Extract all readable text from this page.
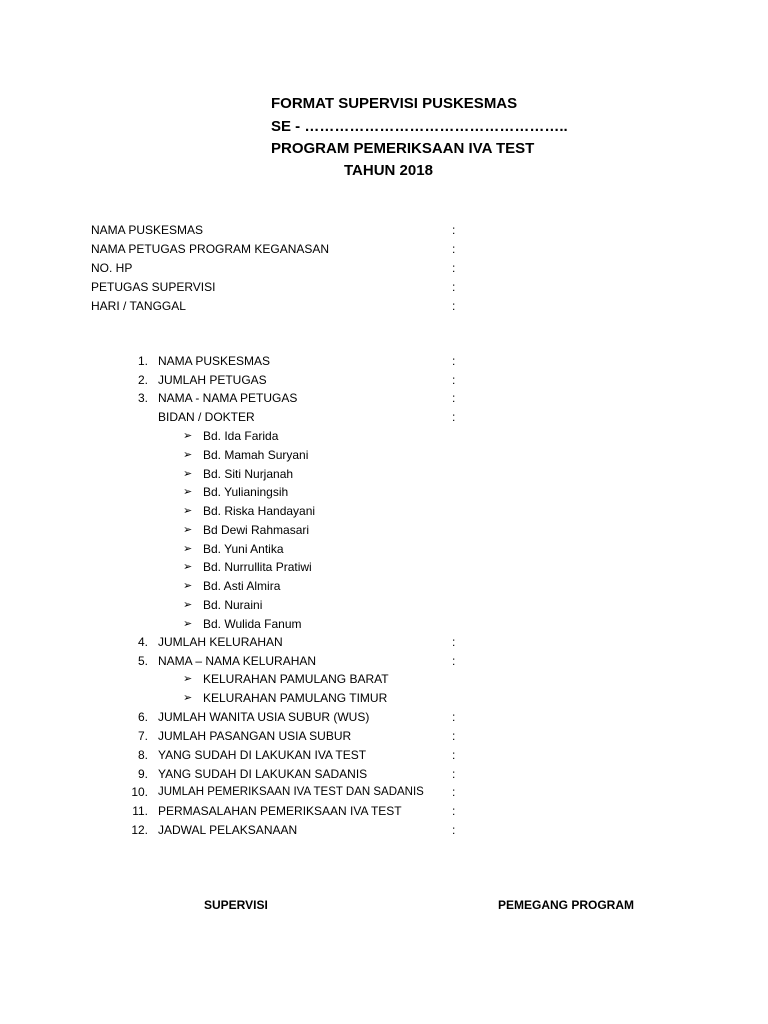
FORMAT SUPERVISI PUSKESMAS
SE - ……………………………………………..
PROGRAM PEMERIKSAAN IVA TEST
TAHUN 2018
NAMA PUSKESMAS	:
NAMA PETUGAS PROGRAM KEGANASAN	:
NO. HP	:
PETUGAS SUPERVISI	:
HARI / TANGGAL	:
1. NAMA PUSKESMAS	:
2. JUMLAH PETUGAS	:
3. NAMA - NAMA PETUGAS	:
BIDAN / DOKTER	:
➢ Bd. Ida Farida
➢ Bd. Mamah Suryani
➢ Bd. Siti Nurjanah
➢ Bd. Yulianingsih
➢ Bd. Riska Handayani
➢ Bd Dewi Rahmasari
➢ Bd. Yuni Antika
➢ Bd. Nurrullita Pratiwi
➢ Bd. Asti Almira
➢ Bd. Nuraini
➢ Bd. Wulida Fanum
4. JUMLAH KELURAHAN	:
5. NAMA – NAMA KELURAHAN	:
➢ KELURAHAN PAMULANG BARAT
➢ KELURAHAN PAMULANG TIMUR
6. JUMLAH WANITA USIA SUBUR (WUS)	:
7. JUMLAH PASANGAN USIA SUBUR	:
8. YANG SUDAH DI LAKUKAN IVA TEST	:
9. YANG SUDAH DI LAKUKAN SADANIS	:
10. JUMLAH PEMERIKSAAN IVA TEST DAN SADANIS :
11. PERMASALAHAN PEMERIKSAAN IVA TEST	:
12. JADWAL PELAKSANAAN	:
SUPERVISI	PEMEGANG PROGRAM
